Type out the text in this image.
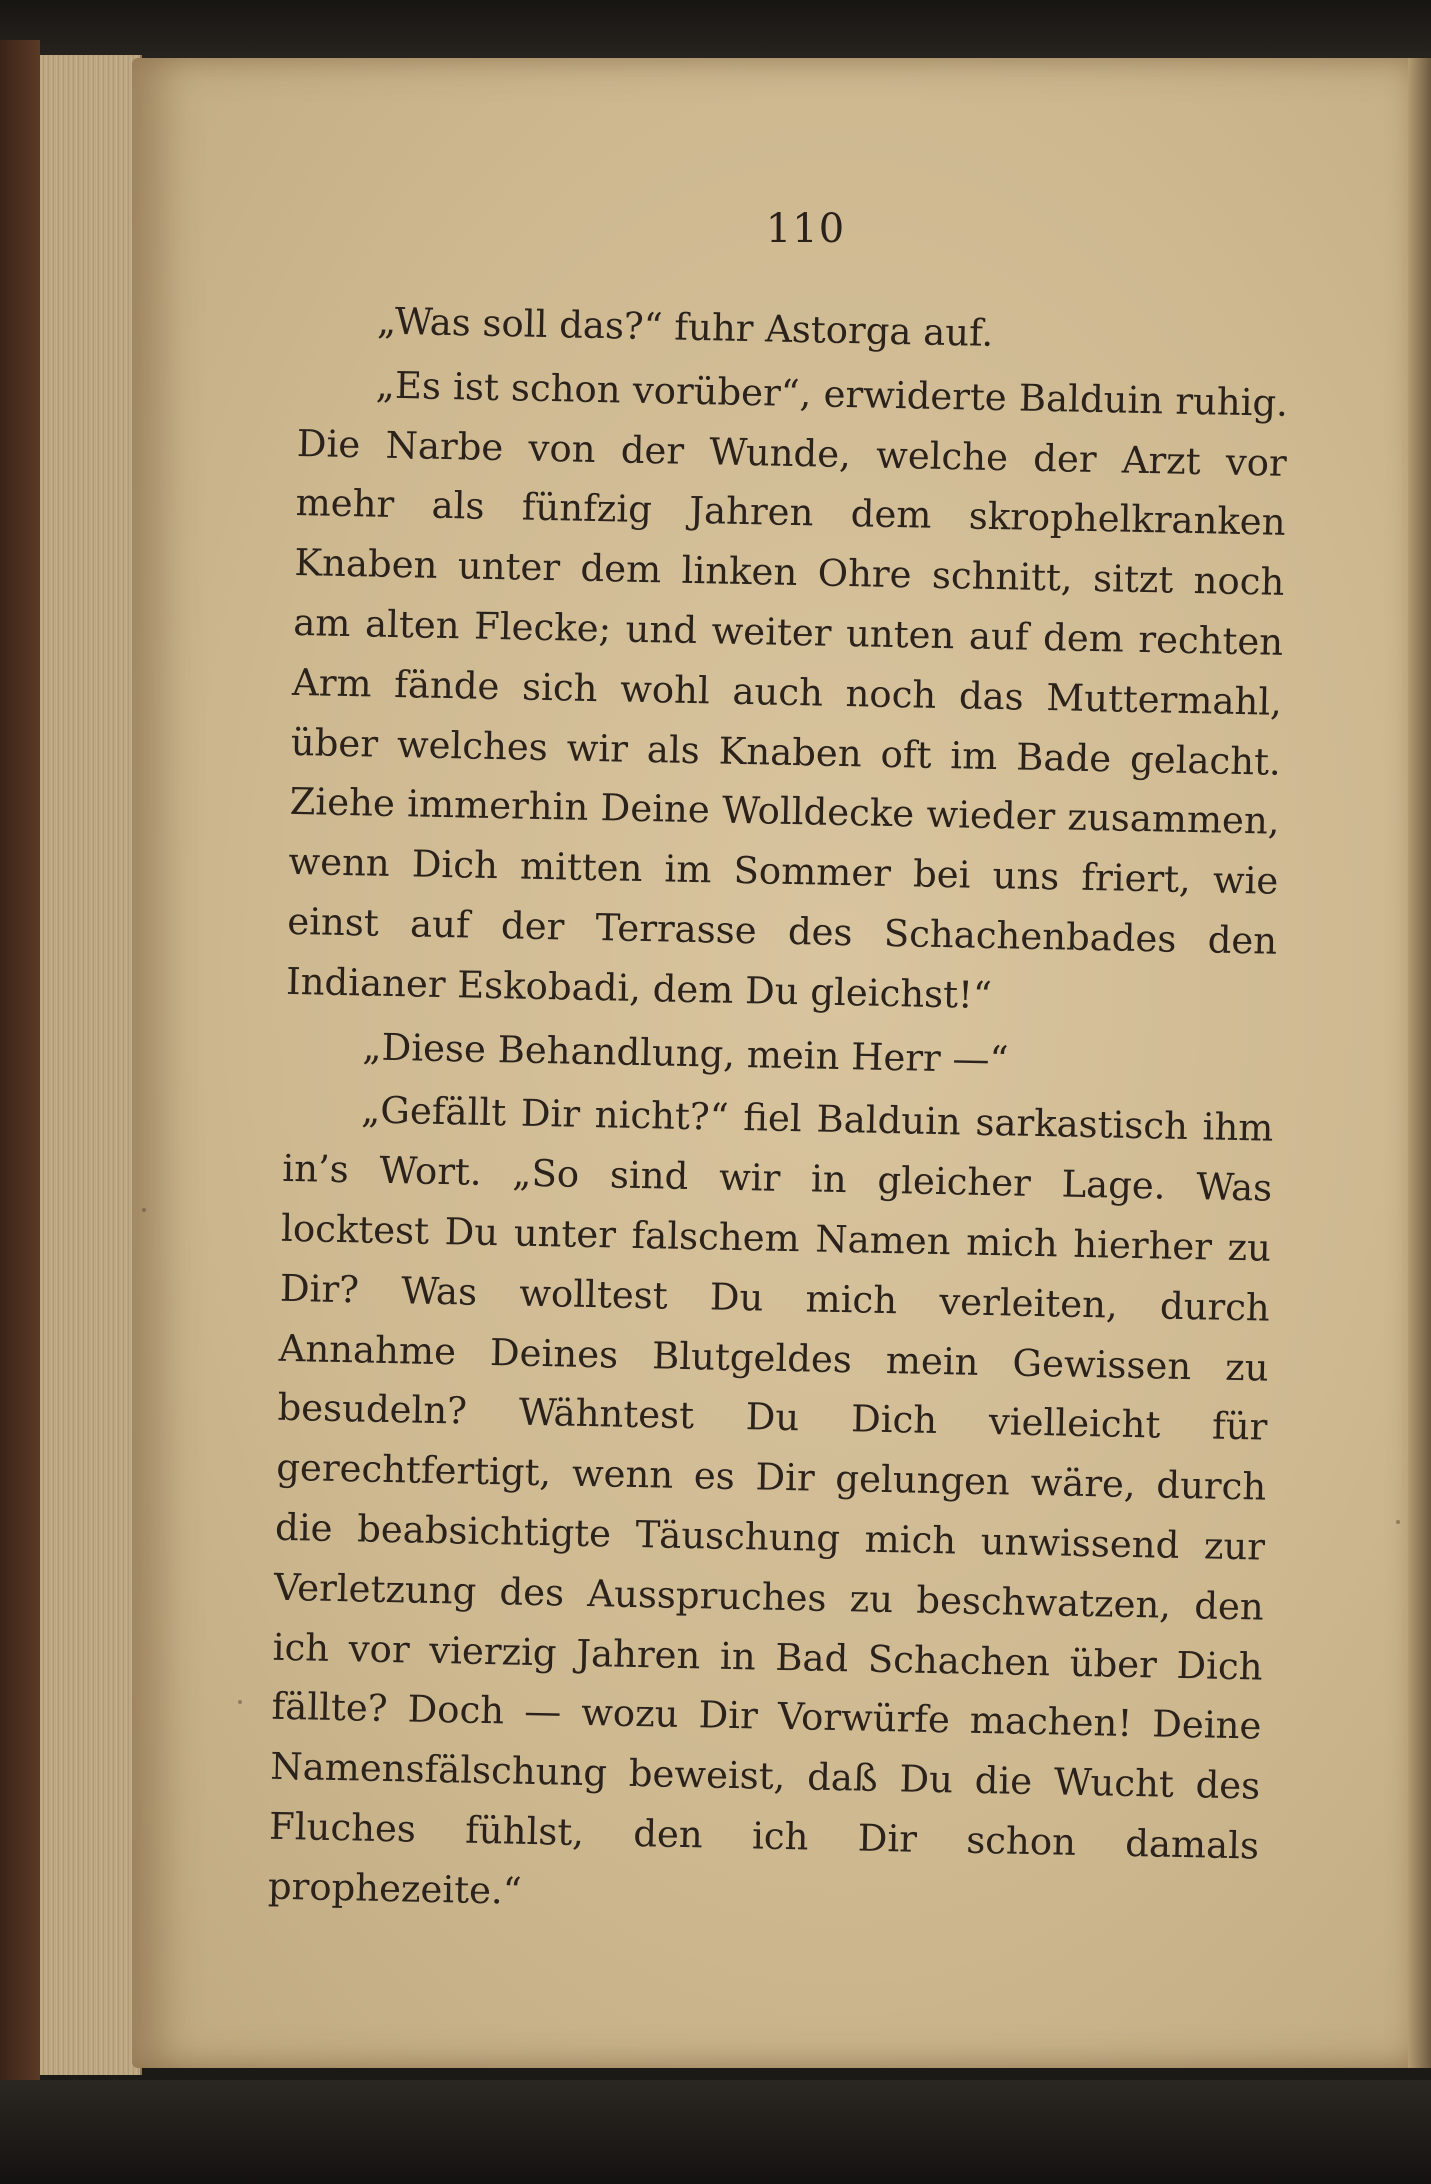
110

„Was soll das?“ fuhr Astorga auf.

„Es ist schon vorüber“, erwiderte Balduin ruhig. Die Narbe von der Wunde, welche der Arzt vor mehr als fünfzig Jahren dem skrophelkranken Knaben unter dem linken Ohre schnitt, sitzt noch am alten Flecke; und weiter unten auf dem rechten Arm fände sich wohl auch noch das Muttermahl, über welches wir als Knaben oft im Bade gelacht. Ziehe immerhin Deine Wolldecke wieder zusammen, wenn Dich mitten im Sommer bei uns friert, wie einst auf der Terrasse des Schachenbades den Indianer Eskobadi, dem Du gleichst!“

„Diese Behandlung, mein Herr —“

„Gefällt Dir nicht?“ fiel Balduin sarkastisch ihm in’s Wort. „So sind wir in gleicher Lage. Was locktest Du unter falschem Namen mich hierher zu Dir? Was wolltest Du mich verleiten, durch Annahme Deines Blutgeldes mein Gewissen zu besudeln? Wähntest Du Dich vielleicht für gerechtfertigt, wenn es Dir gelungen wäre, durch die beabsichtigte Täuschung mich unwissend zur Verletzung des Ausspruches zu beschwatzen, den ich vor vierzig Jahren in Bad Schachen über Dich fällte? Doch — wozu Dir Vorwürfe machen! Deine Namensfälschung beweist, daß Du die Wucht des Fluches fühlst, den ich Dir schon damals prophezeite.“
